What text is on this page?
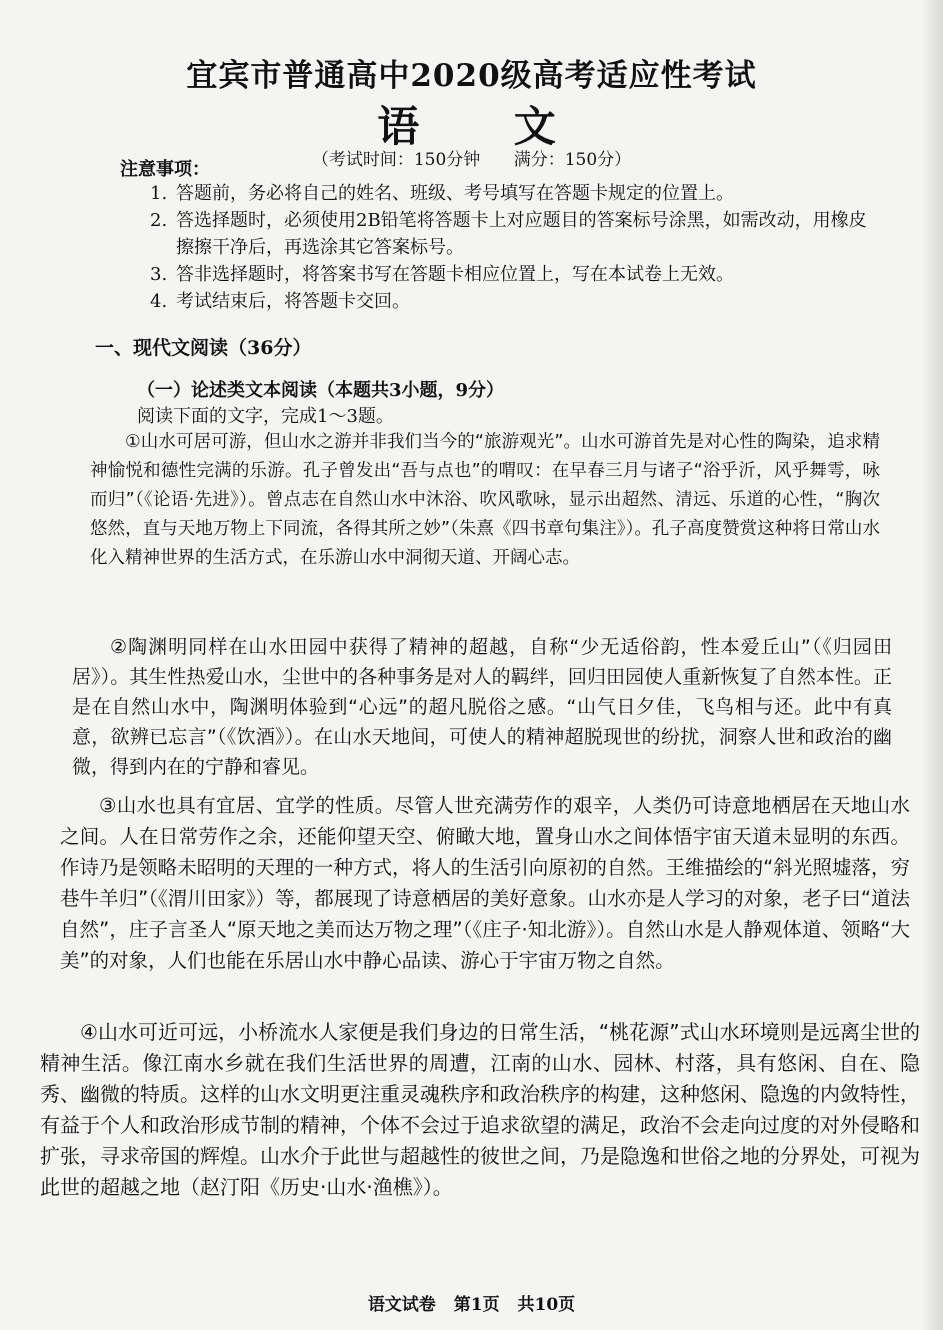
宜宾市普通高中2020级高考适应性考试
语 文
（考试时间：150分钟 满分：150分）
注意事项：
1. 答题前，务必将自己的姓名、班级、考号填写在答题卡规定的位置上。
2. 答选择题时，必须使用2B铅笔将答题卡上对应题目的答案标号涂黑，如需改动，用橡皮擦擦干净后，再选涂其它答案标号。
3. 答非选择题时，将答案书写在答题卡相应位置上，写在本试卷上无效。
4. 考试结束后，将答题卡交回。
一、现代文阅读（36分）
（一）论述类文本阅读（本题共3小题，9分）
阅读下面的文字，完成1～3题。

①山水可居可游，但山水之游并非我们当今的“旅游观光”。山水可游首先是对心性的陶染，追求精神愉悦和德性完满的乐游。孔子曾发出“吾与点也”的喟叹：在早春三月与诸子“浴乎沂，风乎舞雩，咏而归”（《论语·先进》）。曾点志在自然山水中沐浴、吹风歌咏，显示出超然、清远、乐道的心性，“胸次悠然，直与天地万物上下同流，各得其所之妙”（朱熹《四书章句集注》）。孔子高度赞赏这种将日常山水化入精神世界的生活方式，在乐游山水中洞彻天道、开阔心志。

②陶渊明同样在山水田园中获得了精神的超越，自称“少无适俗韵，性本爱丘山”（《归园田居》）。其生性热爱山水，尘世中的各种事务是对人的羁绊，回归田园使人重新恢复了自然本性。正是在自然山水中，陶渊明体验到“心远”的超凡脱俗之感。“山气日夕佳，飞鸟相与还。此中有真意，欲辨已忘言”（《饮酒》）。在山水天地间，可使人的精神超脱现世的纷扰，洞察人世和政治的幽微，得到内在的宁静和睿见。

③山水也具有宜居、宜学的性质。尽管人世充满劳作的艰辛，人类仍可诗意地栖居在天地山水之间。人在日常劳作之余，还能仰望天空、俯瞰大地，置身山水之间体悟宇宙天道未显明的东西。作诗乃是领略未昭明的天理的一种方式，将人的生活引向原初的自然。王维描绘的“斜光照墟落，穷巷牛羊归”（《渭川田家》）等，都展现了诗意栖居的美好意象。山水亦是人学习的对象，老子曰“道法自然”，庄子言圣人“原天地之美而达万物之理”（《庄子·知北游》）。自然山水是人静观体道、领略“大美”的对象，人们也能在乐居山水中静心品读、游心于宇宙万物之自然。

④山水可近可远，小桥流水人家便是我们身边的日常生活，“桃花源”式山水环境则是远离尘世的精神生活。像江南水乡就在我们生活世界的周遭，江南的山水、园林、村落，具有悠闲、自在、隐秀、幽微的特质。这样的山水文明更注重灵魂秩序和政治秩序的构建，这种悠闲、隐逸的内敛特性，有益于个人和政治形成节制的精神，个体不会过于追求欲望的满足，政治不会走向过度的对外侵略和扩张，寻求帝国的辉煌。山水介于此世与超越性的彼世之间，乃是隐逸和世俗之地的分界处，可视为此世的超越之地（赵汀阳《历史·山水·渔樵》）。

语文试卷 第1页 共10页
